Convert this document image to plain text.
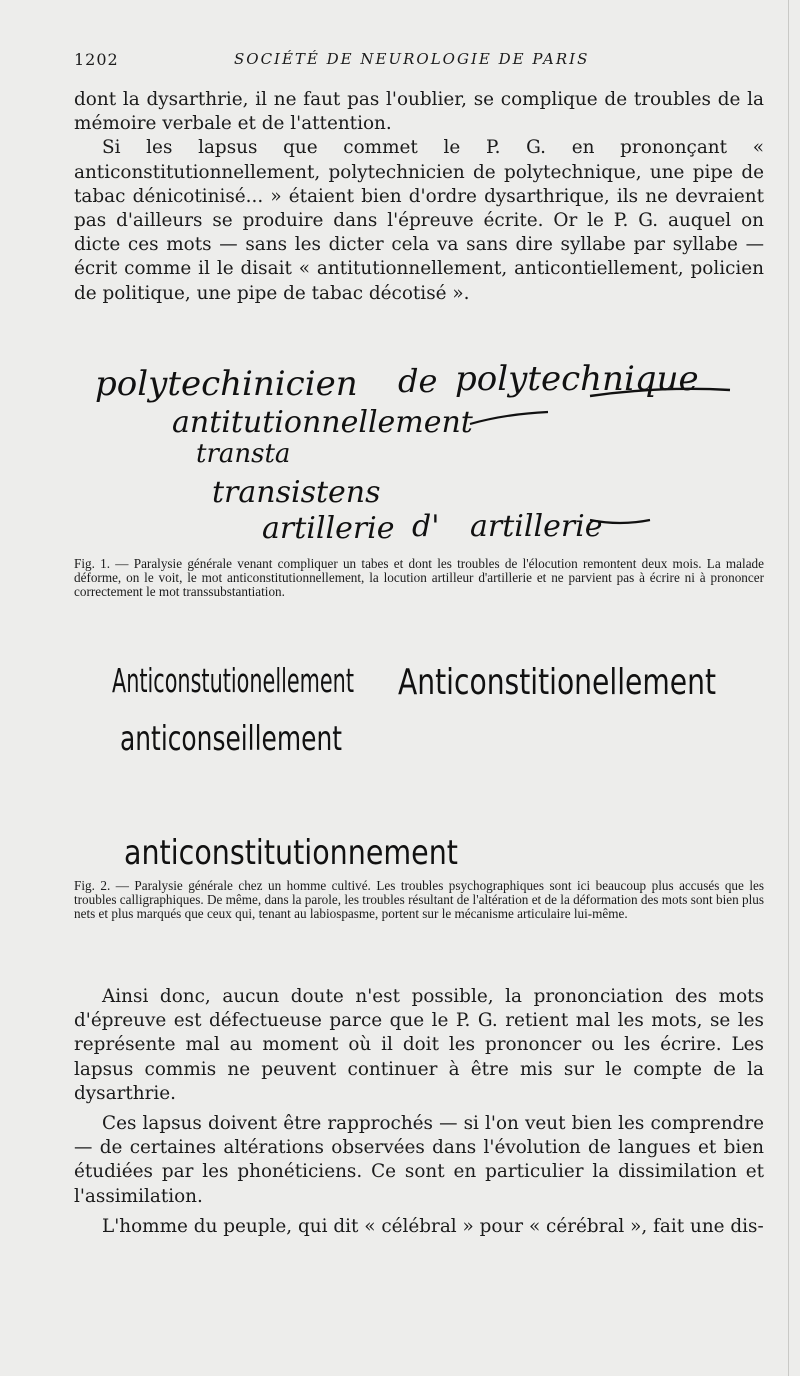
1202	SOCIÉTÉ DE NEUROLOGIE DE PARIS

dont la dysarthrie, il ne faut pas l'oublier, se complique de troubles de la mémoire verbale et de l'attention.

Si les lapsus que commet le P. G. en prononçant « anticonstitutionnellement, polytechnicien de polytechnique, une pipe de tabac dénicotinisé... » étaient bien d'ordre dysarthrique, ils ne devraient pas d'ailleurs se produire dans l'épreuve écrite. Or le P. G. auquel on dicte ces mots — sans les dicter cela va sans dire syllabe par syllabe — écrit comme il le disait « antitutionnellement, anticontiellement, policien de politique, une pipe de tabac décotisé ».

polytechinicien de polytechnique
antitutionnellement
transta
transistens
artillerie d' artillerie
Fig. 1. — Paralysie générale venant compliquer un tabes et dont les troubles de l'élocution remontent deux mois. La malade déforme, on le voit, le mot anticonstitutionnellement, la locution artilleur d'artillerie et ne parvient pas à écrire ni à prononcer correctement le mot transsubstantiation.
Anticonstutionellement Anticonstitionellement
anticonseillement
anticonstitutionnement
Fig. 2. — Paralysie générale chez un homme cultivé. Les troubles psychographiques sont ici beaucoup plus accusés que les troubles calligraphiques. De même, dans la parole, les troubles résultant de l'altération et de la déformation des mots sont bien plus nets et plus marqués que ceux qui, tenant au labiospasme, portent sur le mécanisme articulaire lui-même.

Ainsi donc, aucun doute n'est possible, la prononciation des mots d'épreuve est défectueuse parce que le P. G. retient mal les mots, se les représente mal au moment où il doit les prononcer ou les écrire. Les lapsus commis ne peuvent continuer à être mis sur le compte de la dysarthrie.

Ces lapsus doivent être rapprochés — si l'on veut bien les comprendre — de certaines altérations observées dans l'évolution de langues et bien étudiées par les phonéticiens. Ce sont en particulier la dissimilation et l'assimilation.

L'homme du peuple, qui dit « célébral » pour « cérébral », fait une dis-
